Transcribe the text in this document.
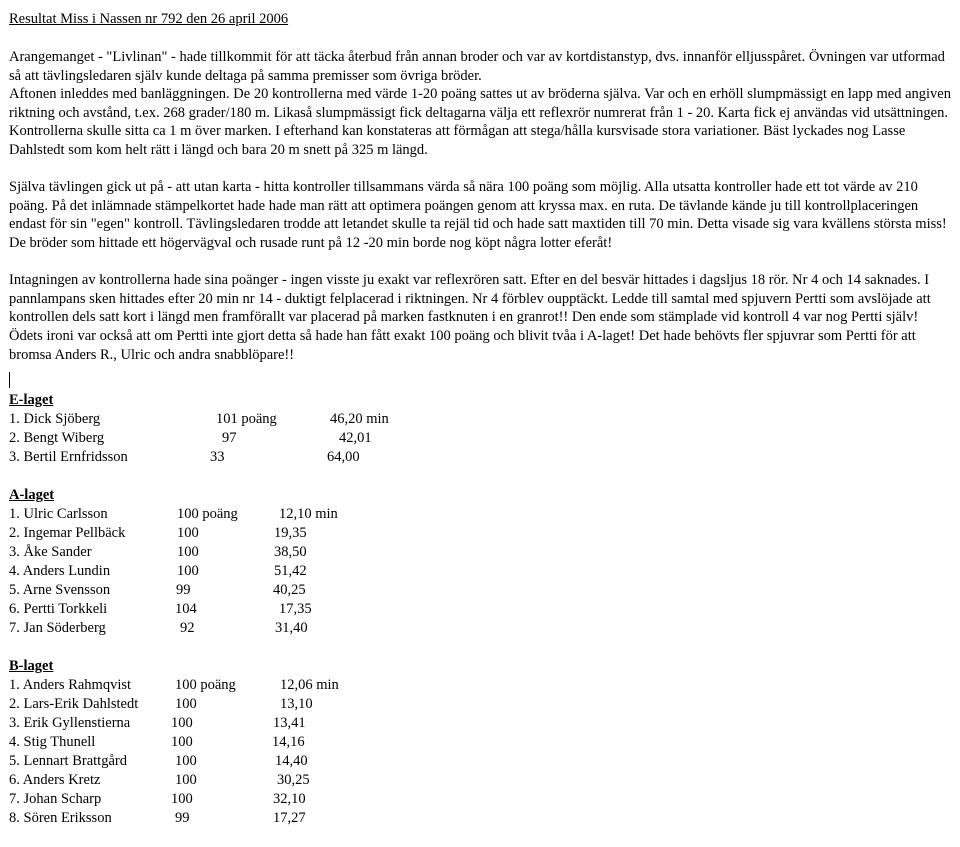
Resultat Miss i Nassen nr 792 den 26 april 2006

Arangemanget - "Livlinan" - hade tillkommit för att täcka återbud från annan broder och var av kortdistanstyp, dvs. innanför elljusspåret. Övningen var utformad så att tävlingsledaren själv kunde deltaga på samma premisser som övriga bröder.
Aftonen inleddes med banläggningen. De 20 kontrollerna med värde 1-20 poäng sattes ut av bröderna själva. Var och en erhöll slumpmässigt en lapp med angiven riktning och avstånd, t.ex. 268 grader/180 m. Likaså slumpmässigt fick deltagarna välja ett reflexrör numrerat från 1 - 20. Karta fick ej användas vid utsättningen. Kontrollerna skulle sitta ca 1 m över marken. I efterhand kan konstateras att förmågan att stega/hålla kursvisade stora variationer. Bäst lyckades nog Lasse Dahlstedt som kom helt rätt i längd och bara 20 m snett på 325 m längd.

Själva tävlingen gick ut på - att utan karta - hitta kontroller tillsammans värda så nära 100 poäng som möjlig. Alla utsatta kontroller hade ett tot värde av 210 poäng. På det inlämnade stämpelkortet hade hade man rätt att optimera poängen genom att kryssa max. en ruta. De tävlande kände ju till kontrollplaceringen endast för sin "egen" kontroll. Tävlingsledaren trodde att letandet skulle ta rejäl tid och hade satt maxtiden till 70 min. Detta visade sig vara kvällens största miss! De bröder som hittade ett högervägval och rusade runt på 12 -20 min borde nog köpt några lotter eferåt!

Intagningen av kontrollerna hade sina poänger - ingen visste ju exakt var reflexrören satt. Efter en del besvär hittades i dagsljus 18 rör. Nr 4 och 14 saknades. I pannlampans sken hittades efter 20 min nr 14 - duktigt felplacerad i riktningen. Nr 4 förblev oupptäckt. Ledde till samtal med spjuvern Pertti som avslöjade att kontrollen dels satt kort i längd men framförallt var placerad på marken fastknuten i en granrot!! Den ende som stämplade vid kontroll 4 var nog Pertti själv! Ödets ironi var också att om Pertti inte gjort detta så hade han fått exakt 100 poäng och blivit tvåa i A-laget! Det hade behövts fler spjuvrar som Pertti för att bromsa Anders R., Ulric och andra snabblöpare!!

E-laget
1. Dick Sjöberg	101 poäng	46,20 min
2. Bengt Wiberg	97	42,01
3. Bertil Ernfridsson	33	64,00
A-laget
1. Ulric Carlsson	100 poäng	12,10 min
2. Ingemar Pellbäck	100	19,35
3. Åke Sander	100	38,50
4. Anders Lundin	100	51,42
5. Arne Svensson	99	40,25
6. Pertti Torkkeli	104	17,35
7. Jan Söderberg	92	31,40
B-laget
1. Anders Rahmqvist	100 poäng	12,06 min
2. Lars-Erik Dahlstedt	100	13,10
3. Erik Gyllenstierna	100	13,41
4. Stig Thunell	100	14,16
5. Lennart Brattgård	100	14,40
6. Anders Kretz	100	30,25
7. Johan Scharp	100	32,10
8. Sören Eriksson	99	17,27
